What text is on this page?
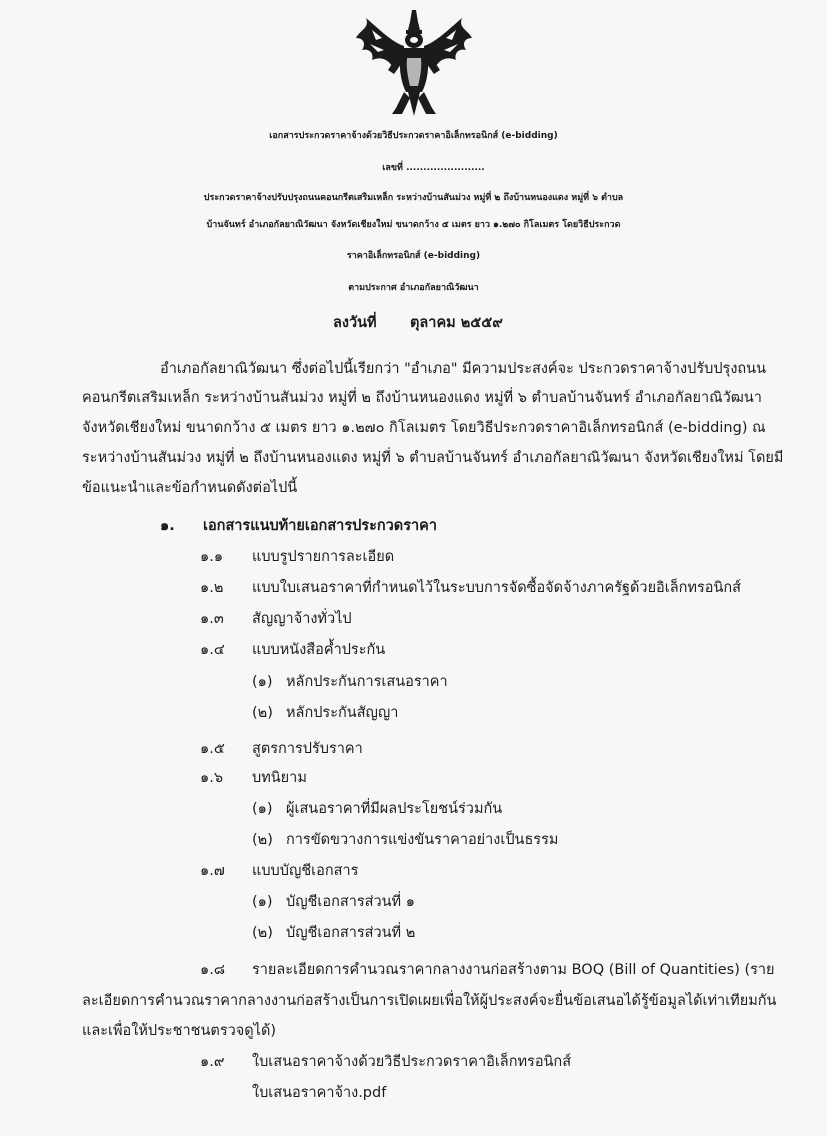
เอกสารประกวดราคาจ้างด้วยวิธีประกวดราคาอิเล็กทรอนิกส์ (e-bidding)
เลขที่ .......................
ประกวดราคาจ้างปรับปรุงถนนคอนกรีตเสริมเหล็ก ระหว่างบ้านสันม่วง หมู่ที่ ๒ ถึงบ้านหนองแดง หมู่ที่ ๖ ตำบล
บ้านจันทร์ อำเภอกัลยาณิวัฒนา จังหวัดเชียงใหม่ ขนาดกว้าง ๕ เมตร ยาว ๑.๒๗๐ กิโลเมตร โดยวิธีประกวด
ราคาอิเล็กทรอนิกส์ (e-bidding)
ตามประกาศ อำเภอกัลยาณิวัฒนา
ลงวันที่ ตุลาคม ๒๕๕๙
อำเภอกัลยาณิวัฒนา ซึ่งต่อไปนี้เรียกว่า "อำเภอ" มีความประสงค์จะ ประกวดราคาจ้างปรับปรุงถนน
คอนกรีตเสริมเหล็ก ระหว่างบ้านสันม่วง หมู่ที่ ๒ ถึงบ้านหนองแดง หมู่ที่ ๖ ตำบลบ้านจันทร์ อำเภอกัลยาณิวัฒนา
จังหวัดเชียงใหม่ ขนาดกว้าง ๕ เมตร ยาว ๑.๒๗๐ กิโลเมตร โดยวิธีประกวดราคาอิเล็กทรอนิกส์ (e-bidding) ณ
ระหว่างบ้านสันม่วง หมู่ที่ ๒ ถึงบ้านหนองแดง หมู่ที่ ๖ ตำบลบ้านจันทร์ อำเภอกัลยาณิวัฒนา จังหวัดเชียงใหม่ โดยมี
ข้อแนะนำและข้อกำหนดดังต่อไปนี้
๑. เอกสารแนบท้ายเอกสารประกวดราคา
๑.๑ แบบรูปรายการละเอียด
๑.๒ แบบใบเสนอราคาที่กำหนดไว้ในระบบการจัดซื้อจัดจ้างภาครัฐด้วยอิเล็กทรอนิกส์
๑.๓ สัญญาจ้างทั่วไป
๑.๔ แบบหนังสือค้ำประกัน
(๑) หลักประกันการเสนอราคา
(๒) หลักประกันสัญญา
๑.๕ สูตรการปรับราคา
๑.๖ บทนิยาม
(๑) ผู้เสนอราคาที่มีผลประโยชน์ร่วมกัน
(๒) การขัดขวางการแข่งขันราคาอย่างเป็นธรรม
๑.๗ แบบบัญชีเอกสาร
(๑) บัญชีเอกสารส่วนที่ ๑
(๒) บัญชีเอกสารส่วนที่ ๒
๑.๘ รายละเอียดการคำนวณราคากลางงานก่อสร้างตาม BOQ (Bill of Quantities) (ราย
ละเอียดการคำนวณราคากลางงานก่อสร้างเป็นการเปิดเผยเพื่อให้ผู้ประสงค์จะยื่นข้อเสนอได้รู้ข้อมูลได้เท่าเทียมกัน
และเพื่อให้ประชาชนตรวจดูได้)
๑.๙ ใบเสนอราคาจ้างด้วยวิธีประกวดราคาอิเล็กทรอนิกส์
ใบเสนอราคาจ้าง.pdf
